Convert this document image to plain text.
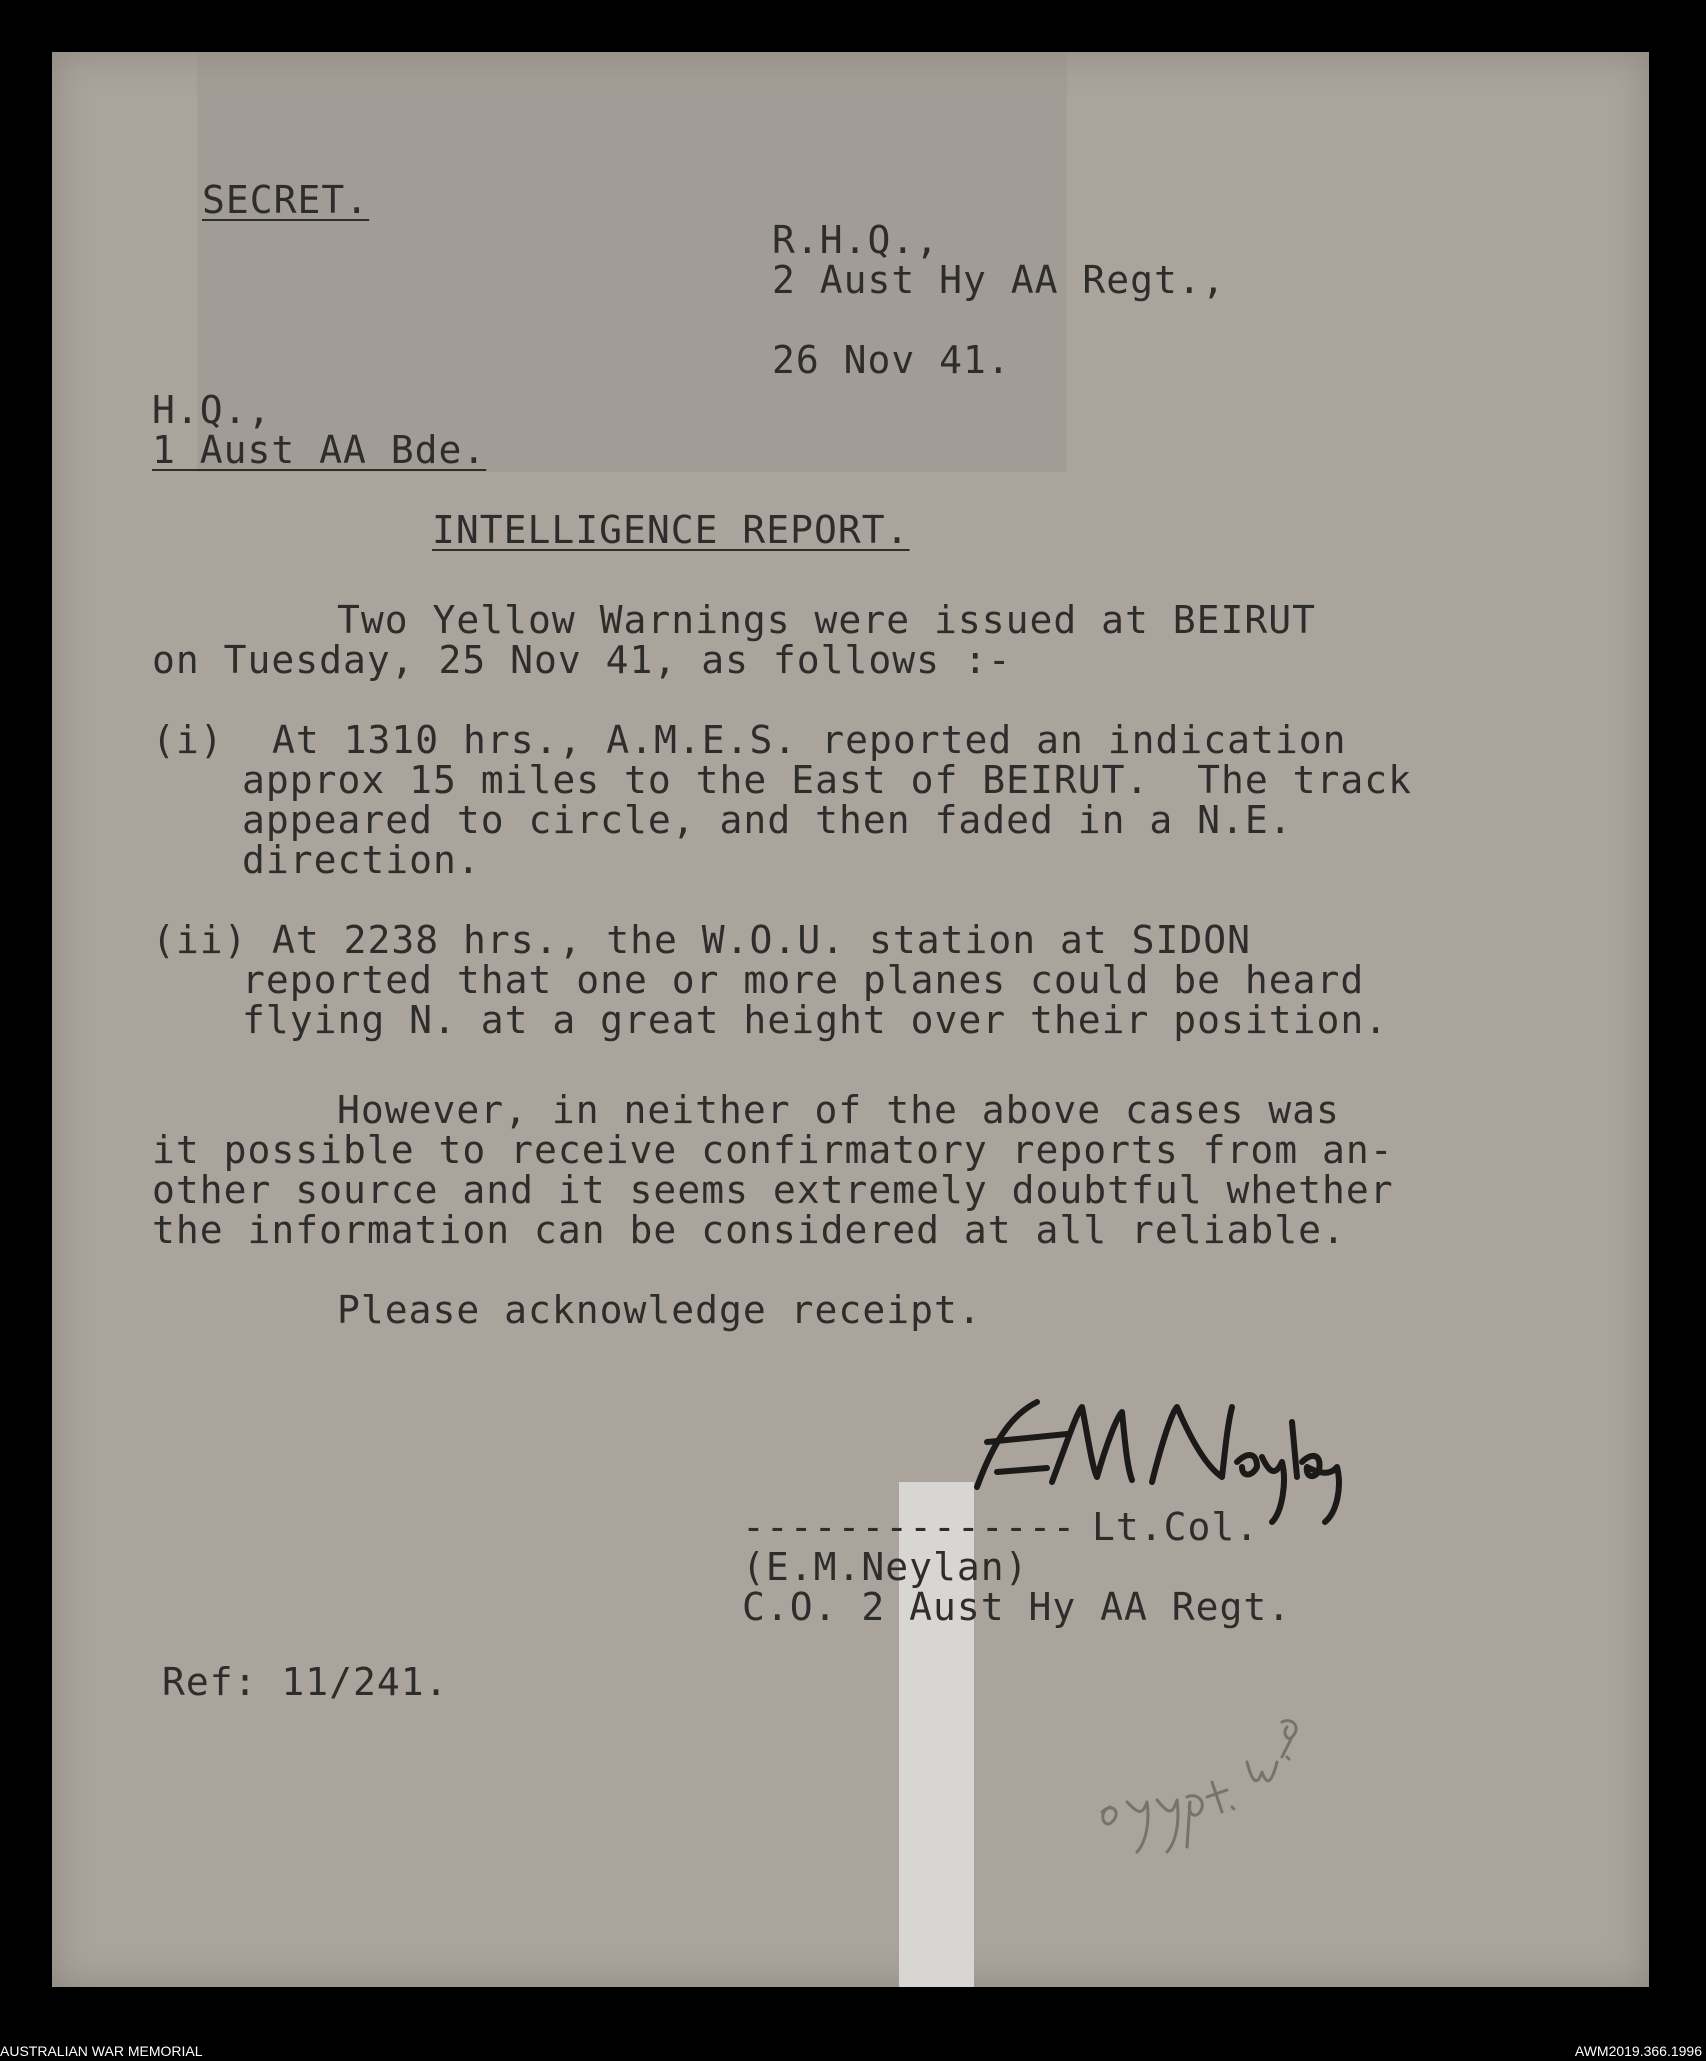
SECRET.
R.H.Q.,
2 Aust Hy AA Regt.,
26 Nov 41.
H.Q.,
1 Aust AA Bde.
INTELLIGENCE REPORT.
Two Yellow Warnings were issued at BEIRUT
on Tuesday, 25 Nov 41, as follows :-
(i) At 1310 hrs., A.M.E.S. reported an indication
approx 15 miles to the East of BEIRUT.  The track
appeared to circle, and then faded in a N.E.
direction.
(ii) At 2238 hrs., the W.O.U. station at SIDON
reported that one or more planes could be heard
flying N. at a great height over their position.
However, in neither of the above cases was
it possible to receive confirmatory reports from an-
other source and it seems extremely doubtful whether
the information can be considered at all reliable.
Please acknowledge receipt.
-------------- Lt.Col.
(E.M.Neylan)
C.O. 2 Aust Hy AA Regt.
Ref: 11/241.
AUSTRALIAN WAR MEMORIAL	AWM2019.366.1996
